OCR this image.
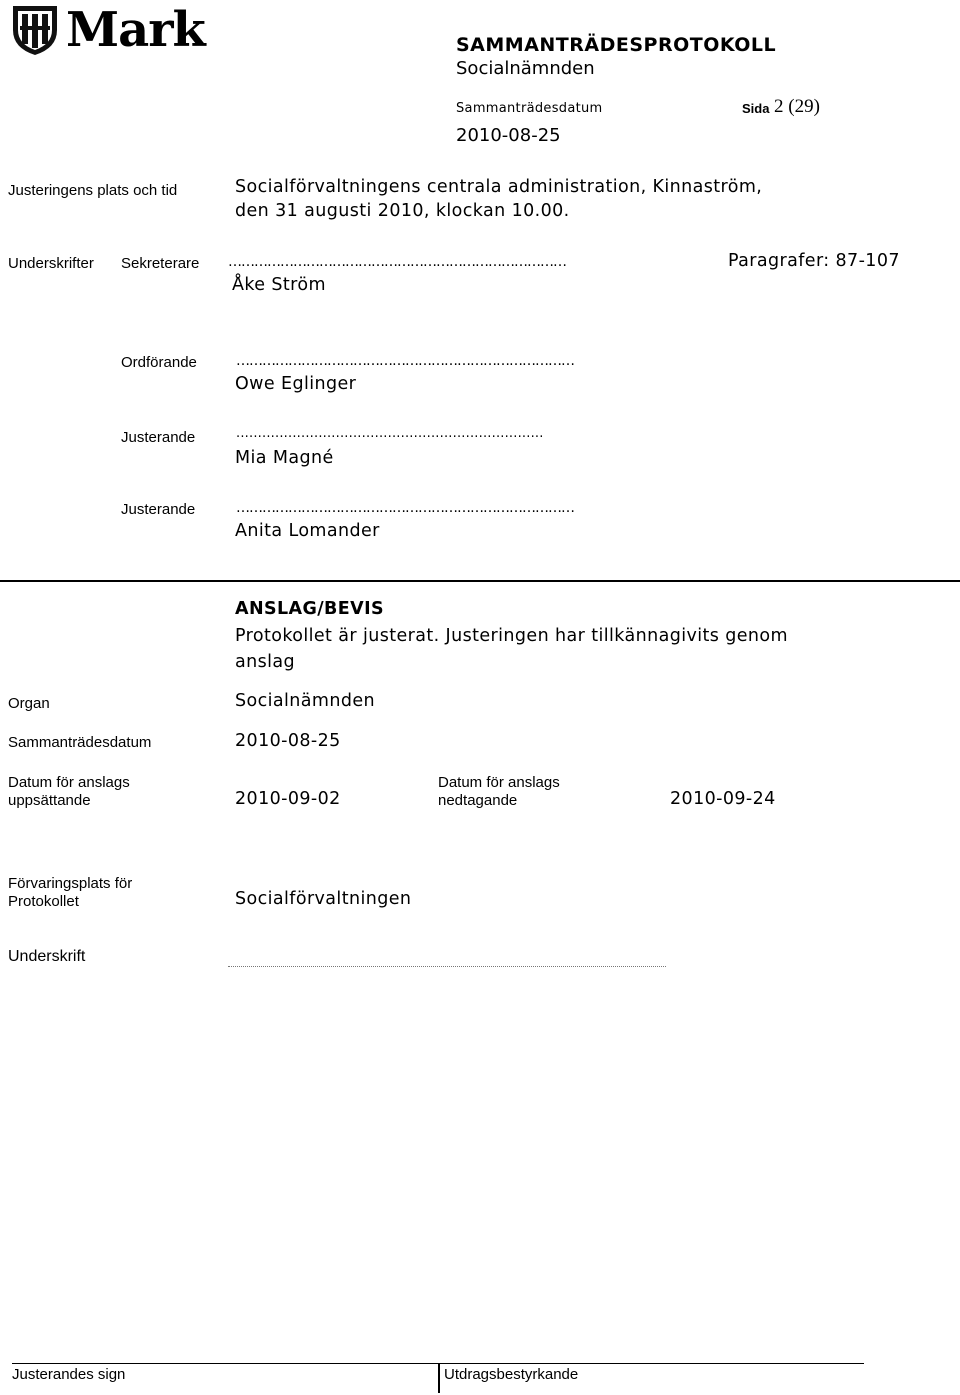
Mark	SAMMANTRÄDESPROTOKOLL
Socialnämnden
Sammanträdesdatum	Sida 2 (29)
2010-08-25
Justeringens plats och tid	Socialförvaltningens centrala administration, Kinnaström,
den 31 augusti 2010, klockan 10.00.
Underskrifter Sekreterare ……………………………………………………………………	Paragrafer: 87-107
Åke Ström
Ordförande	……………………………………………………………………
Owe Eglinger
Justerande	.......................................................................
Mia Magné
Justerande	……………………………………………………………………
Anita Lomander
ANSLAG/BEVIS
Protokollet är justerat. Justeringen har tillkännagivits genom
anslag
Organ	Socialnämnden
Sammanträdesdatum	2010-08-25
Datum för anslags
uppsättande	2010-09-02
Datum för anslags
nedtagande	2010-09-24
Förvaringsplats för
Protokollet	Socialförvaltningen
Underskrift
Justerandes sign	Utdragsbestyrkande
